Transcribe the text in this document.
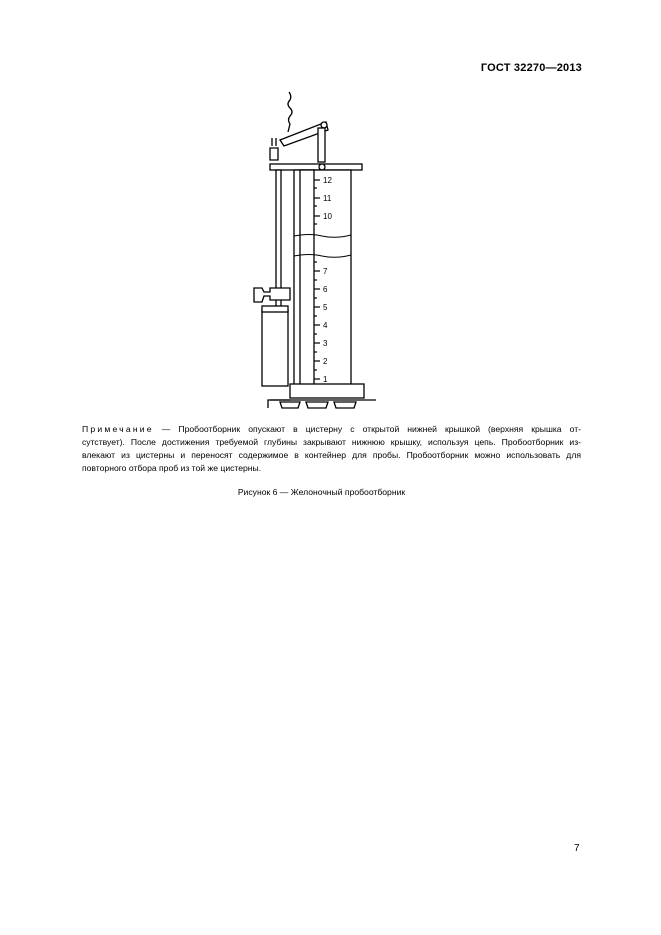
ГОСТ 32270—2013
12
11
10
7
6
5
4
3
2
1
Примечание — Пробоотборник опускают в цистерну с открытой нижней крышкой (верхняя крышка от-
сутствует). После достижения требуемой глубины закрывают нижнюю крышку, используя цепь. Пробоотборник из-
влекают из цистерны и переносят содержимое в контейнер для пробы. Пробоотборник можно использовать для
повторного отбора проб из той же цистерны.
Рисунок 6 — Желоночный пробоотборник
7
